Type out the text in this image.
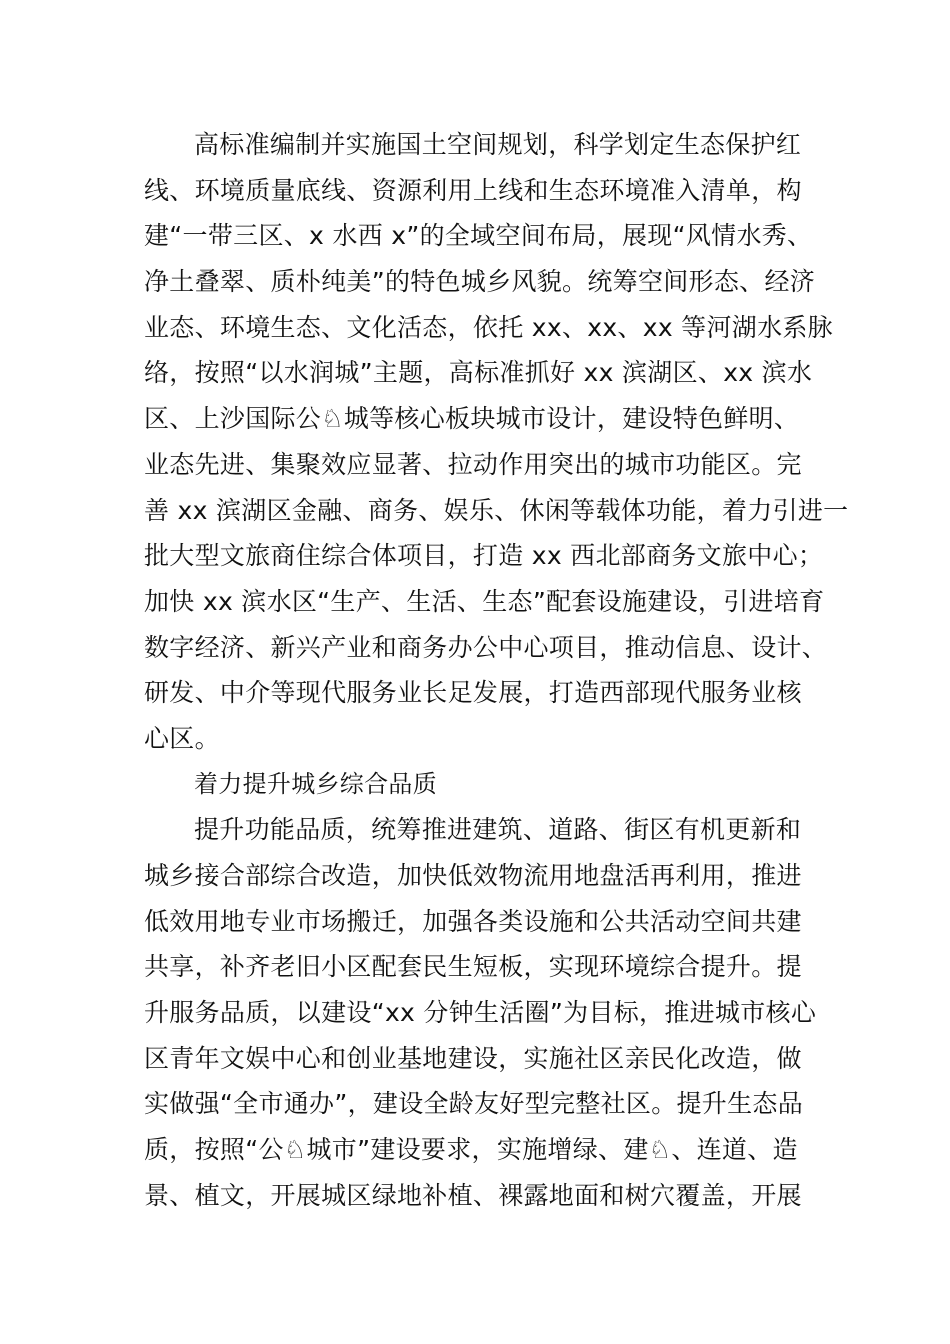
高标准编制并实施国土空间规划，科学划定生态保护红
线、环境质量底线、资源利用上线和生态环境准入清单，构
建“一带三区、x 水西 x”的全域空间布局，展现“风情水秀、
净土叠翠、质朴纯美”的特色城乡风貌。统筹空间形态、经济
业态、环境生态、文化活态，依托 xx、xx、xx 等河湖水系脉
络，按照“以水润城”主题，高标准抓好 xx 滨湖区、xx 滨水
区、上沙国际公♘城等核心板块城市设计，建设特色鲜明、
业态先进、集聚效应显著、拉动作用突出的城市功能区。完
善 xx 滨湖区金融、商务、娱乐、休闲等载体功能，着力引进一
批大型文旅商住综合体项目，打造 xx 西北部商务文旅中心；
加快 xx 滨水区“生产、生活、生态”配套设施建设，引进培育
数字经济、新兴产业和商务办公中心项目，推动信息、设计、
研发、中介等现代服务业长足发展，打造西部现代服务业核
心区。
着力提升城乡综合品质
提升功能品质，统筹推进建筑、道路、街区有机更新和
城乡接合部综合改造，加快低效物流用地盘活再利用，推进
低效用地专业市场搬迁，加强各类设施和公共活动空间共建
共享，补齐老旧小区配套民生短板，实现环境综合提升。提
升服务品质，以建设“xx 分钟生活圈”为目标，推进城市核心
区青年文娱中心和创业基地建设，实施社区亲民化改造，做
实做强“全市通办”，建设全龄友好型完整社区。提升生态品
质，按照“公♘城市”建设要求，实施增绿、建♘、连道、造
景、植文，开展城区绿地补植、裸露地面和树穴覆盖，开展
